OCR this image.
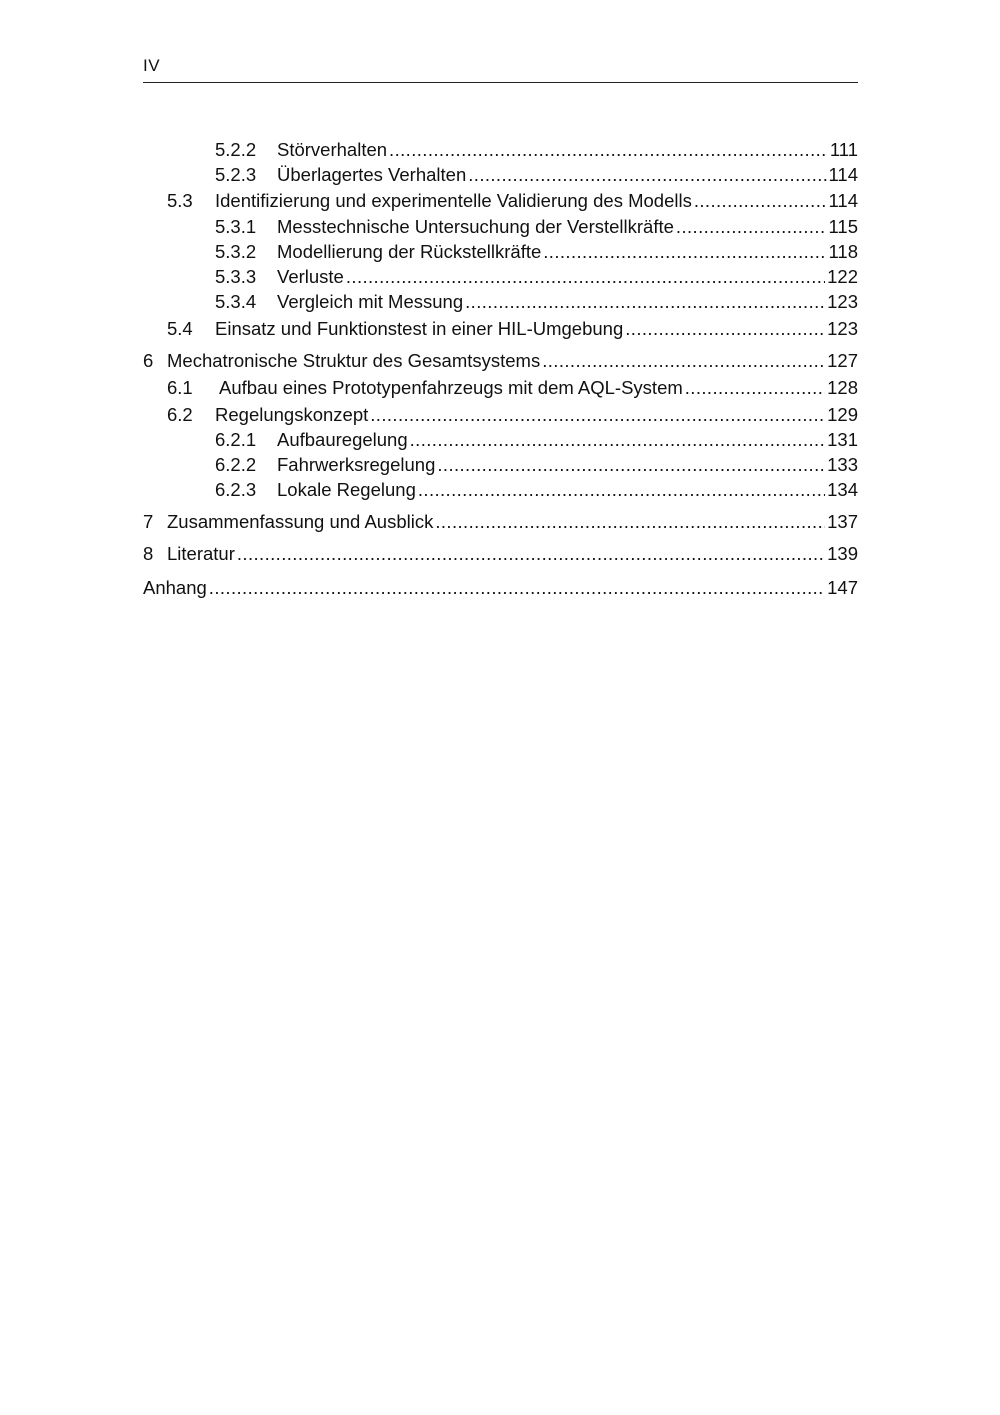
IV
5.2.2	Störverhalten .....	111
5.2.3	Überlagertes Verhalten .....	114
5.3	Identifizierung und experimentelle Validierung des Modells .....	114
5.3.1	Messtechnische Untersuchung der Verstellkräfte .....	115
5.3.2	Modellierung der Rückstellkräfte .....	118
5.3.3	Verluste .....	122
5.3.4	Vergleich mit Messung .....	123
5.4	Einsatz und Funktionstest in einer HIL-Umgebung .....	123
6 Mechatronische Struktur des Gesamtsystems .....	127
6.1	Aufbau eines Prototypenfahrzeugs mit dem AQL-System .....	128
6.2	Regelungskonzept .....	129
6.2.1	Aufbauregelung .....	131
6.2.2	Fahrwerksregelung .....	133
6.2.3	Lokale Regelung .....	134
7 Zusammenfassung und Ausblick .....	137
8 Literatur .....	139
Anhang .....	147
